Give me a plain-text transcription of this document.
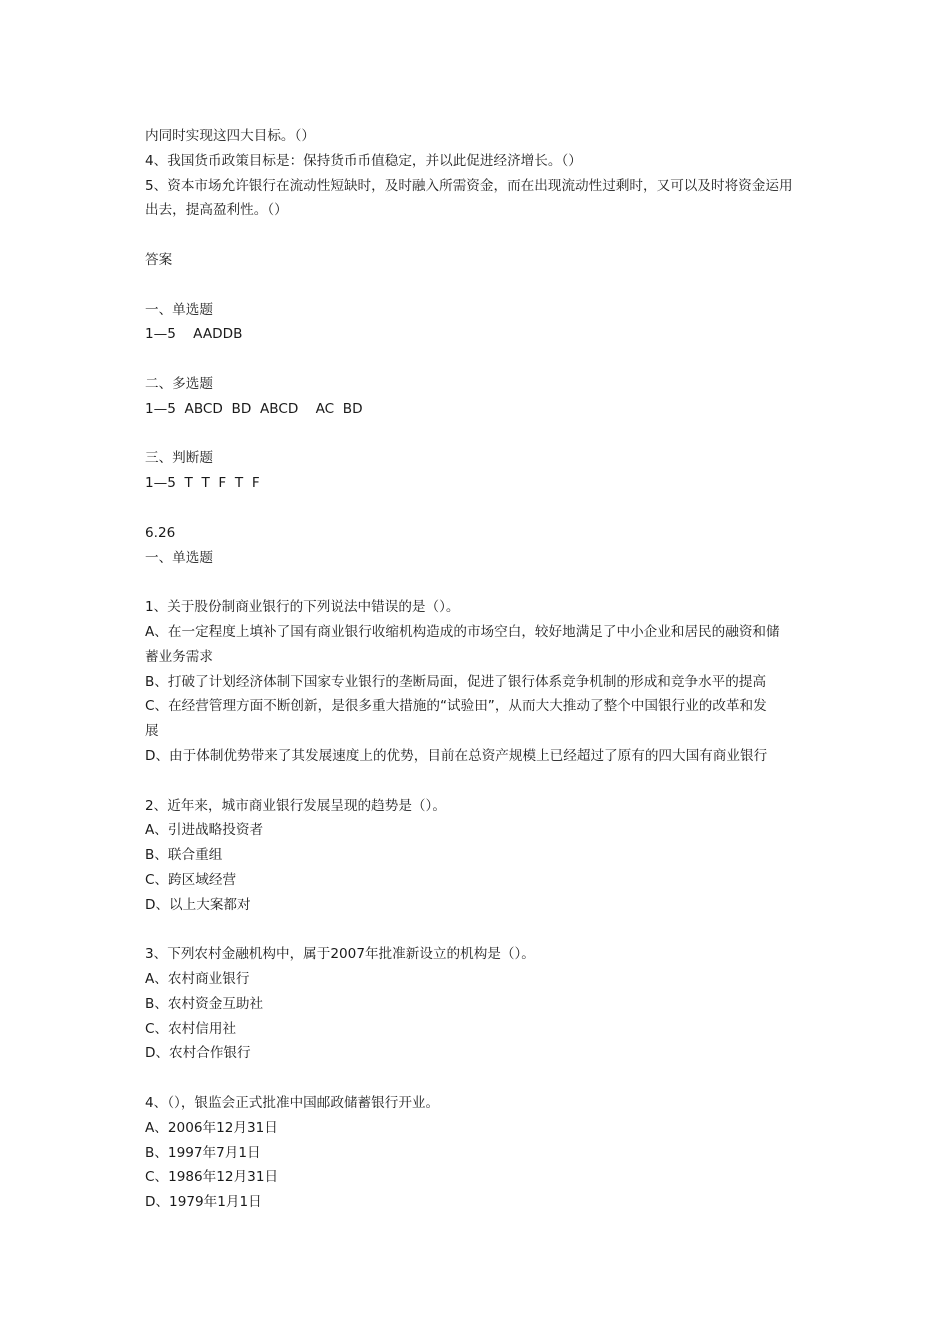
内同时实现这四大目标。（）
4、我国货币政策目标是：保持货币币值稳定，并以此促进经济增长。（）
5、资本市场允许银行在流动性短缺时，及时融入所需资金，而在出现流动性过剩时，又可以及时将资金运用
出去，提高盈利性。（）
答案
一、单选题
1—5    AADDB
二、多选题
1—5  ABCD  BD  ABCD    AC  BD
三、判断题
1—5  T  T  F  T  F
6.26
一、单选题
1、关于股份制商业银行的下列说法中错误的是（）。
A、在一定程度上填补了国有商业银行收缩机构造成的市场空白，较好地满足了中小企业和居民的融资和储
蓄业务需求
B、打破了计划经济体制下国家专业银行的垄断局面，促进了银行体系竞争机制的形成和竞争水平的提高
C、在经营管理方面不断创新，是很多重大措施的“试验田”，从而大大推动了整个中国银行业的改革和发
展
D、由于体制优势带来了其发展速度上的优势，目前在总资产规模上已经超过了原有的四大国有商业银行
2、近年来，城市商业银行发展呈现的趋势是（）。
A、引进战略投资者
B、联合重组
C、跨区域经营
D、以上大案都对
3、下列农村金融机构中，属于2007年批准新设立的机构是（）。
A、农村商业银行
B、农村资金互助社
C、农村信用社
D、农村合作银行
4、（），银监会正式批准中国邮政储蓄银行开业。
A、2006年12月31日
B、1997年7月1日
C、1986年12月31日
D、1979年1月1日
